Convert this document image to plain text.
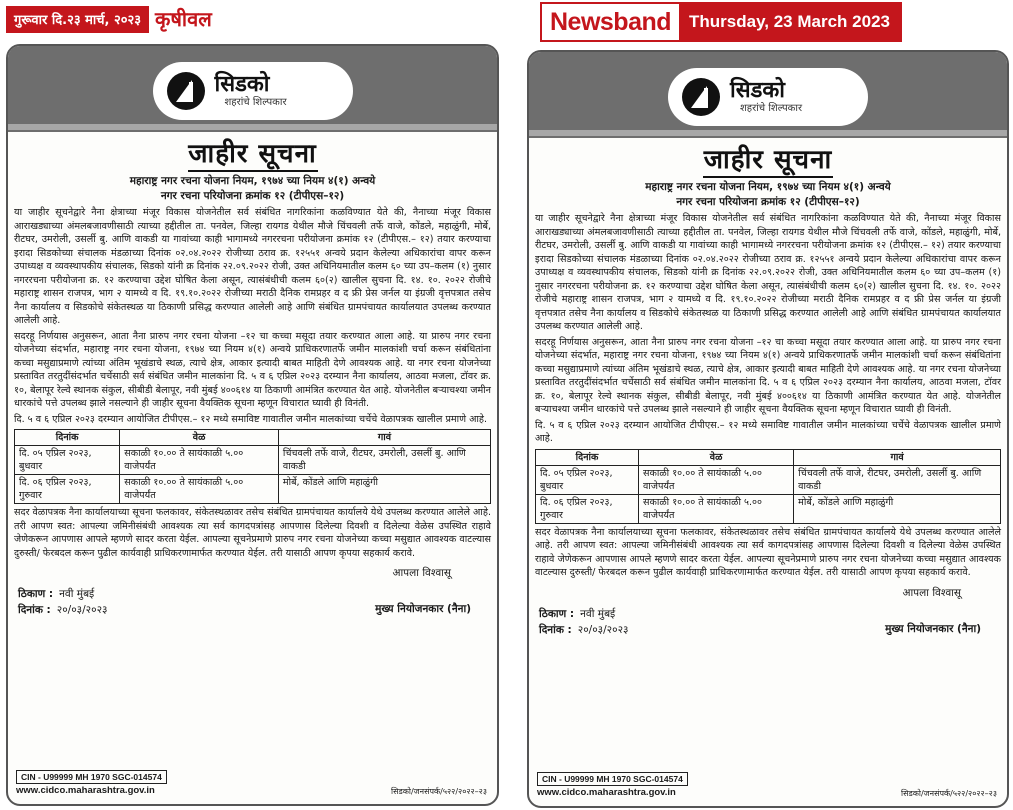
गुरूवार दि.२३ मार्च, २०२३ कृषीवल
सिडको
शहरांचे शिल्पकार
जाहीर सूचना
महाराष्ट्र नगर रचना योजना नियम, १९७४ च्या नियम ४(१) अन्वये
नगर रचना परियोजना क्रमांक १२ (टीपीएस–१२)

या जाहीर सूचनेद्वारे नैना क्षेत्राच्या मंजूर विकास योजनेतील सर्व संबंधित नागरिकांना कळविण्यात येते की, नैनाच्या मंजूर विकास आराखड्याच्या अंमलबजावणीसाठी त्याच्या हद्दीतील ता. पनवेल, जिल्हा रायगड येथील मौजे चिंचवली तर्फे वाजे, कोंडले, महाळुंगी, मोर्बे, रीटघर, उमरोली, उसर्ली बु. आणि वाकडी या गावांच्या काही भागामध्ये नगररचना परीयोजना क्रमांक १२ (टीपीएस.– १२) तयार करण्याचा इरादा सिडकोच्या संचालक मंडळाच्या दिनांक ०२.०४.२०२२ रोजीच्या ठराव क्र. १२५५१ अन्वये प्रदान केलेल्या अधिकारांचा वापर करून उपाध्यक्ष व व्यवस्थापकीय संचालक, सिडको यांनी क्र दिनांक २२.०९.२०२२ रोजी, उक्त अधिनियमातील कलम ६० च्या उप–कलम (१) नुसार नगररचना परीयोजना क्र. १२ करण्याचा उद्देश घोषित केला असून, त्यासंबंधीची कलम ६०(२) खालील सुचना दि. १४. १०. २०२२ रोजीचे महाराष्ट्र शासन राजपत्र, भाग २ यामध्ये व दि. १९.१०.२०२२ रोजीच्या मराठी दैनिक रामप्रहर व द फ्री प्रेस जर्नल या इंग्रजी वृत्तपत्रात तसेच नैना कार्यालय व सिडकोचे संकेतस्थळ या ठिकाणी प्रसिद्ध करण्यात आलेली आहे आणि संबंधित ग्रामपंचायत कार्यालयात उपलब्ध करण्यात आलेली आहे.

सदरहू निर्णयास अनुसरून, आता नैना प्रारुप नगर रचना योजना –१२ चा कच्चा मसूदा तयार करण्यात आला आहे. या प्रारुप नगर रचना योजनेच्या संदर्भात, महाराष्ट्र नगर रचना योजना, १९७४ च्या नियम ४(१) अन्वये प्राधिकरणातर्फे जमीन मालकांशी चर्चा करून संबंधितांना कच्चा मसुद्याप्रमाणे त्यांच्या अंतिम भूखंडाचे स्थळ, त्याचे क्षेत्र, आकार इत्यादी बाबत माहिती देणे आवश्यक आहे. या नगर रचना योजनेच्या प्रस्तावित तरतुदींसंदर्भात चर्चेसाठी सर्व संबंधित जमीन मालकांना दि. ५ व ६ एप्रिल २०२३ दरम्यान नैना कार्यालय, आठवा मजला, टॉवर क्र. १०, बेलापूर रेल्वे स्थानक संकुल, सीबीडी बेलापूर, नवी मुंबई ४००६१४ या ठिकाणी आमंत्रित करण्यात येत आहे. योजनेतील बऱ्याचश्या जमीन धारकांचे पत्ते उपलब्ध झाले नसल्याने ही जाहीर सूचना वैयक्तिक सूचना म्हणून विचारात घ्यावी ही विनंती.

दि. ५ व ६ एप्रिल २०२३ दरम्यान आयोजित टीपीएस.– १२ मध्ये समाविष्ट गावातील जमीन मालकांच्या चर्चेचे वेळापत्रक खालील प्रमाणे आहे.

दिनांक	वेळ	गावं
दि. ०५ एप्रिल २०२३, बुधवार	सकाळी १०.०० ते सायंकाळी ५.०० वाजेपर्यंत	चिंचवली तर्फे वाजे, रीटघर, उमरोली, उसर्ली बु. आणि वाकडी
दि. ०६ एप्रिल २०२३, गुरुवार	सकाळी १०.०० ते सायंकाळी ५.०० वाजेपर्यंत	मोर्बे, कोंडले आणि महाळुंगी

सदर वेळापत्रक नैना कार्यालयाच्या सूचना फलकावर, संकेतस्थळावर तसेच संबंधित ग्रामपंचायत कार्यालये येथे उपलब्ध करण्यात आलेले आहे. तरी आपण स्वत: आपल्या जमिनीसंबंधी आवश्यक त्या सर्व कागदपत्रांसह आपणास दिलेल्या दिवशी व दिलेल्या वेळेस उपस्थित राहावे जेणेकरून आपणास आपले म्हणणे सादर करता येईल. आपल्या सूचनेप्रमाणे प्रारुप नगर रचना योजनेच्या कच्चा मसुद्यात आवश्यक वाटल्यास दुरुस्ती/ फेरबदल करून पुढील कार्यवाही प्राधिकरणामार्फत करण्यात येईल. तरी यासाठी आपण कृपया सहकार्य करावे.

ठिकाण : नवी मुंबई
दिनांक : २०/०३/२०२३
आपला विश्वासू
मुख्य नियोजनकार (नैना)
CIN - U99999 MH 1970 SGC-014574
www.cidco.maharashtra.gov.in	सिडको/जनसंपर्क/५२२/२०२२–२३
Newsband	Thursday, 23 March 2023
सिडको
शहरांचे शिल्पकार
जाहीर सूचना
महाराष्ट्र नगर रचना योजना नियम, १९७४ च्या नियम ४(१) अन्वये
नगर रचना परियोजना क्रमांक १२ (टीपीएस–१२)

या जाहीर सूचनेद्वारे नैना क्षेत्राच्या मंजूर विकास योजनेतील सर्व संबंधित नागरिकांना कळविण्यात येते की, नैनाच्या मंजूर विकास आराखड्याच्या अंमलबजावणीसाठी त्याच्या हद्दीतील ता. पनवेल, जिल्हा रायगड येथील मौजे चिंचवली तर्फे वाजे, कोंडले, महाळुंगी, मोर्बे, रीटघर, उमरोली, उसर्ली बु. आणि वाकडी या गावांच्या काही भागामध्ये नगररचना परीयोजना क्रमांक १२ (टीपीएस.– १२) तयार करण्याचा इरादा सिडकोच्या संचालक मंडळाच्या दिनांक ०२.०४.२०२२ रोजीच्या ठराव क्र. १२५५१ अन्वये प्रदान केलेल्या अधिकारांचा वापर करून उपाध्यक्ष व व्यवस्थापकीय संचालक, सिडको यांनी क्र दिनांक २२.०९.२०२२ रोजी, उक्त अधिनियमातील कलम ६० च्या उप–कलम (१) नुसार नगररचना परीयोजना क्र. १२ करण्याचा उद्देश घोषित केला असून, त्यासंबंधीची कलम ६०(२) खालील सुचना दि. १४. १०. २०२२ रोजीचे महाराष्ट्र शासन राजपत्र, भाग २ यामध्ये व दि. १९.१०.२०२२ रोजीच्या मराठी दैनिक रामप्रहर व द फ्री प्रेस जर्नल या इंग्रजी वृत्तपत्रात तसेच नैना कार्यालय व सिडकोचे संकेतस्थळ या ठिकाणी प्रसिद्ध करण्यात आलेली आहे आणि संबंधित ग्रामपंचायत कार्यालयात उपलब्ध करण्यात आलेली आहे.

सदरहू निर्णयास अनुसरून, आता नैना प्रारुप नगर रचना योजना –१२ चा कच्चा मसूदा तयार करण्यात आला आहे. या प्रारुप नगर रचना योजनेच्या संदर्भात, महाराष्ट्र नगर रचना योजना, १९७४ च्या नियम ४(१) अन्वये प्राधिकरणातर्फे जमीन मालकांशी चर्चा करून संबंधितांना कच्चा मसुद्याप्रमाणे त्यांच्या अंतिम भूखंडाचे स्थळ, त्याचे क्षेत्र, आकार इत्यादी बाबत माहिती देणे आवश्यक आहे. या नगर रचना योजनेच्या प्रस्तावित तरतुदींसंदर्भात चर्चेसाठी सर्व संबंधित जमीन मालकांना दि. ५ व ६ एप्रिल २०२३ दरम्यान नैना कार्यालय, आठवा मजला, टॉवर क्र. १०, बेलापूर रेल्वे स्थानक संकुल, सीबीडी बेलापूर, नवी मुंबई ४००६१४ या ठिकाणी आमंत्रित करण्यात येत आहे. योजनेतील बऱ्याचश्या जमीन धारकांचे पत्ते उपलब्ध झाले नसल्याने ही जाहीर सूचना वैयक्तिक सूचना म्हणून विचारात घ्यावी ही विनंती.

दि. ५ व ६ एप्रिल २०२३ दरम्यान आयोजित टीपीएस.– १२ मध्ये समाविष्ट गावातील जमीन मालकांच्या चर्चेचे वेळापत्रक खालील प्रमाणे आहे.

दिनांक	वेळ	गावं
दि. ०५ एप्रिल २०२३, बुधवार	सकाळी १०.०० ते सायंकाळी ५.०० वाजेपर्यंत	चिंचवली तर्फे वाजे, रीटघर, उमरोली, उसर्ली बु. आणि वाकडी
दि. ०६ एप्रिल २०२३, गुरुवार	सकाळी १०.०० ते सायंकाळी ५.०० वाजेपर्यंत	मोर्बे, कोंडले आणि महाळुंगी

सदर वेळापत्रक नैना कार्यालयाच्या सूचना फलकावर, संकेतस्थळावर तसेच संबंधित ग्रामपंचायत कार्यालये येथे उपलब्ध करण्यात आलेले आहे. तरी आपण स्वत: आपल्या जमिनीसंबंधी आवश्यक त्या सर्व कागदपत्रांसह आपणास दिलेल्या दिवशी व दिलेल्या वेळेस उपस्थित राहावे जेणेकरून आपणास आपले म्हणणे सादर करता येईल. आपल्या सूचनेप्रमाणे प्रारुप नगर रचना योजनेच्या कच्चा मसुद्यात आवश्यक वाटल्यास दुरुस्ती/ फेरबदल करून पुढील कार्यवाही प्राधिकरणामार्फत करण्यात येईल. तरी यासाठी आपण कृपया सहकार्य करावे.

ठिकाण : नवी मुंबई
दिनांक : २०/०३/२०२३
आपला विश्वासू
मुख्य नियोजनकार (नैना)
CIN - U99999 MH 1970 SGC-014574
www.cidco.maharashtra.gov.in	सिडको/जनसंपर्क/५२२/२०२२–२३
